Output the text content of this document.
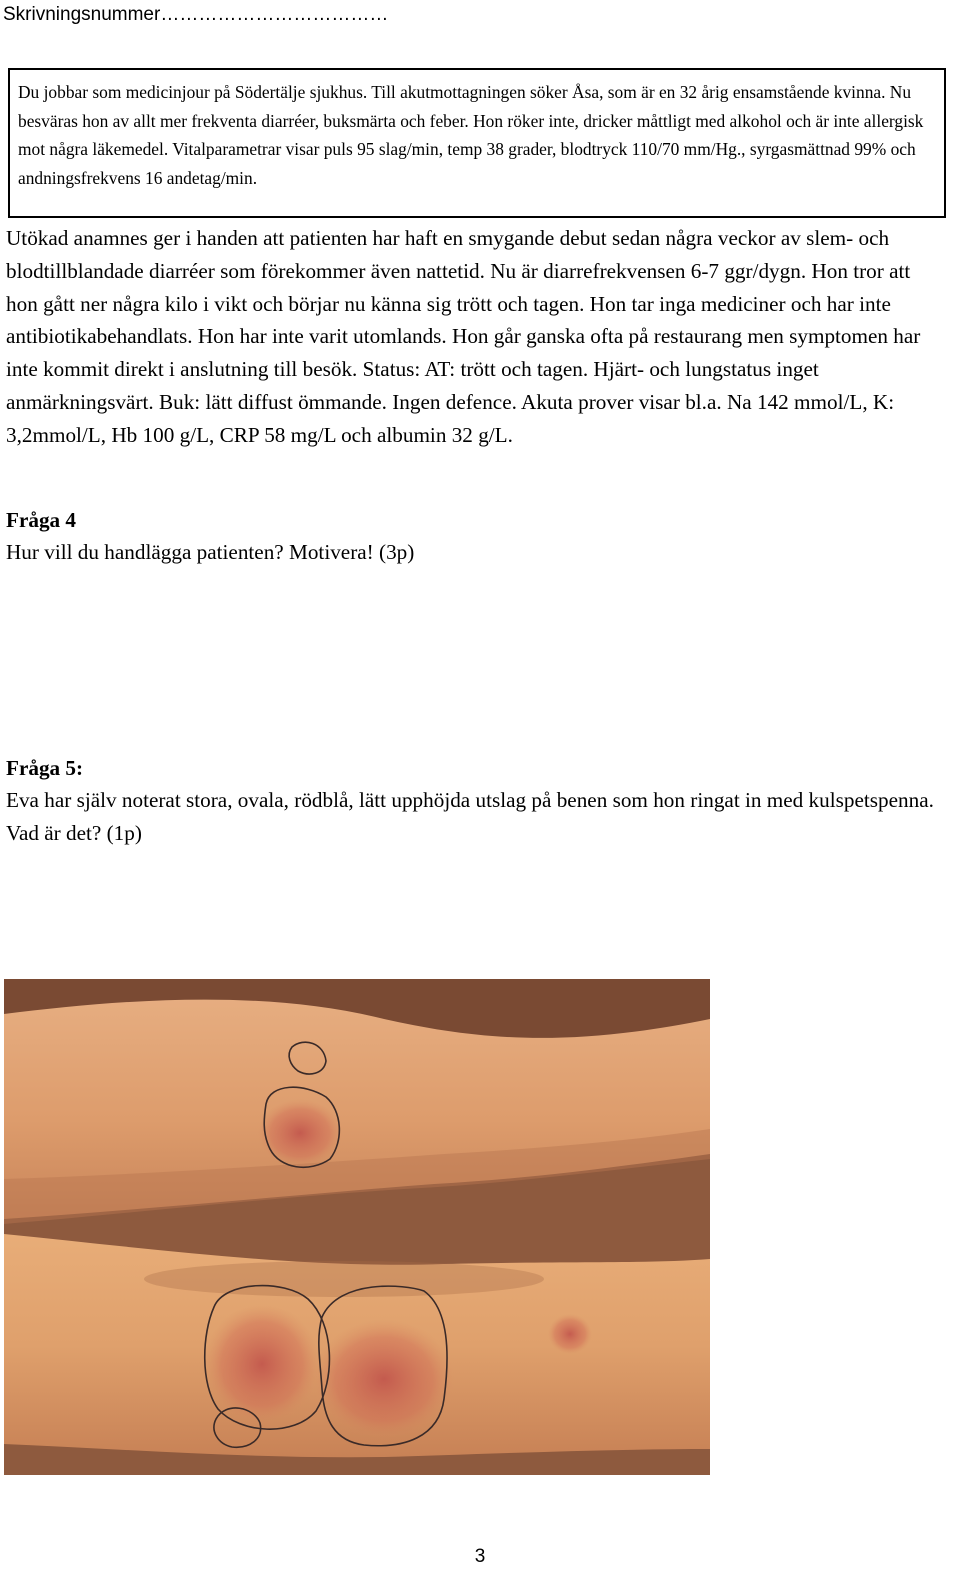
Skrivningsnummer………………………………
Du jobbar som medicinjour på Södertälje sjukhus. Till akutmottagningen söker Åsa, som är en 32 årig ensamstående kvinna. Nu besväras hon av allt mer frekventa diarréer, buksmärta och feber. Hon röker inte, dricker måttligt med alkohol och är inte allergisk mot några läkemedel. Vitalparametrar visar puls 95 slag/min, temp 38 grader, blodtryck 110/70 mm/Hg., syrgasmättnad 99% och andningsfrekvens 16 andetag/min.
Utökad anamnes ger i handen att patienten har haft en smygande debut sedan några veckor av slem- och blodtillblandade diarréer som förekommer även nattetid. Nu är diarrefrekvensen 6-7 ggr/dygn. Hon tror att hon gått ner några kilo i vikt och börjar nu känna sig trött och tagen. Hon tar inga mediciner och har inte antibiotikabehandlats. Hon har inte varit utomlands. Hon går ganska ofta på restaurang men symptomen har inte kommit direkt i anslutning till besök. Status: AT: trött och tagen. Hjärt- och lungstatus inget anmärkningsvärt. Buk: lätt diffust ömmande. Ingen defence. Akuta prover visar bl.a. Na 142 mmol/L, K: 3,2mmol/L, Hb 100 g/L, CRP 58 mg/L och albumin 32 g/L.
Fråga 4
Hur vill du handlägga patienten? Motivera! (3p)
Fråga 5:
Eva har själv noterat stora, ovala, rödblå, lätt upphöjda utslag på benen som hon ringat in med kulspetspenna. Vad är det? (1p)
3
